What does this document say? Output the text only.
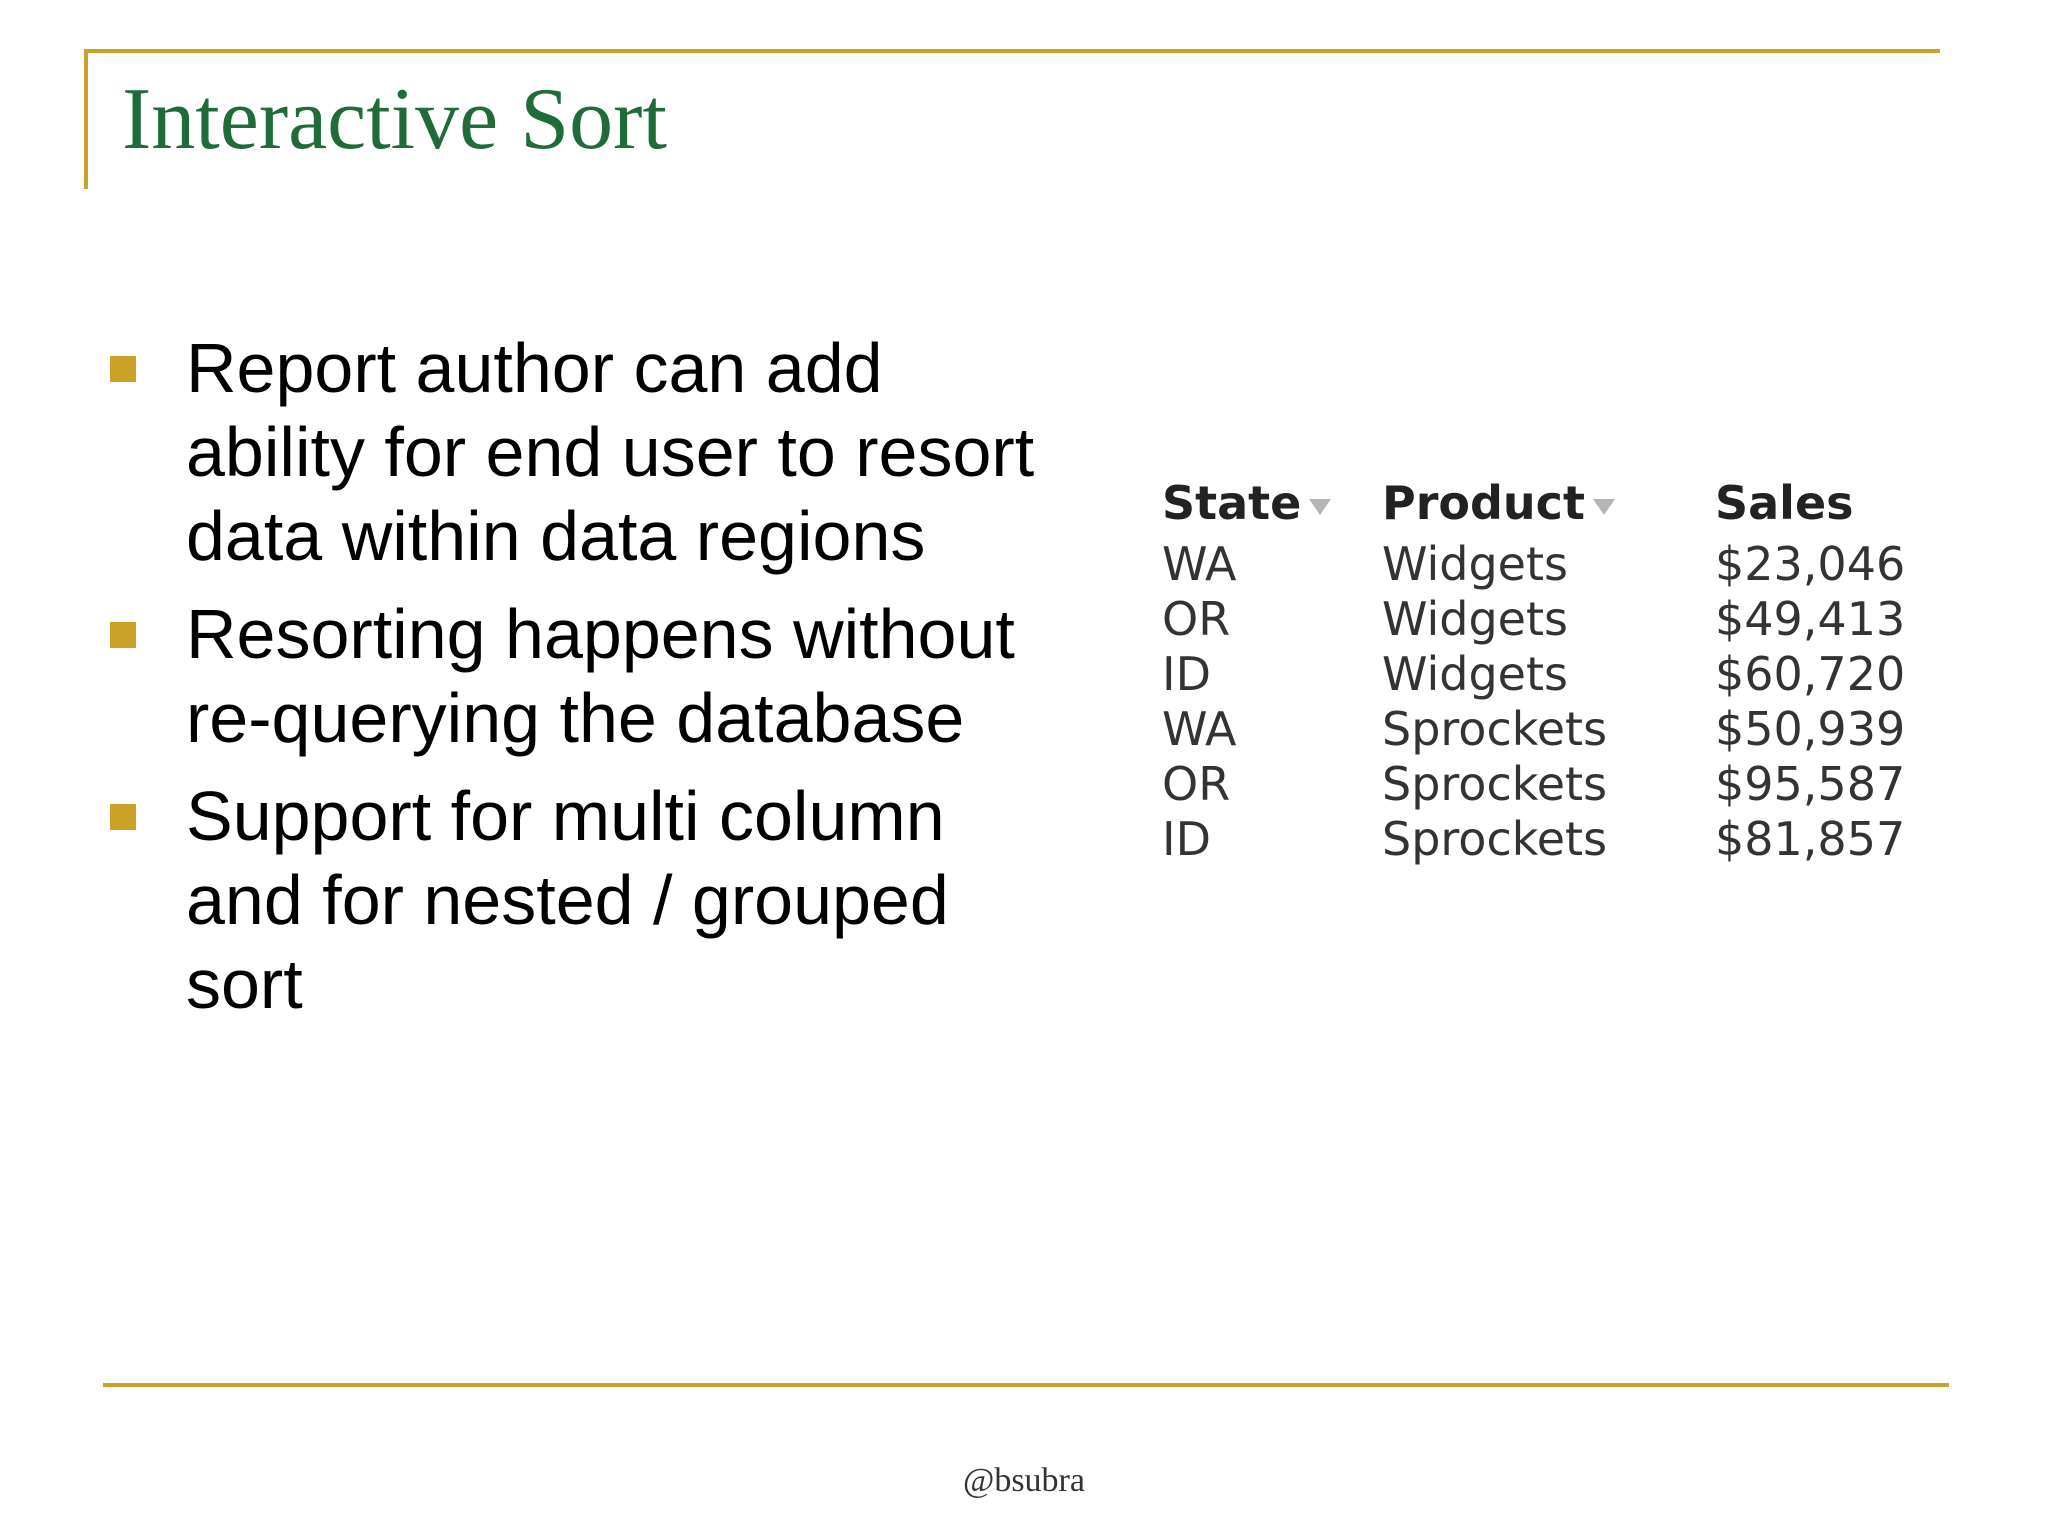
Interactive Sort
Report author can add ability for end user to resort data within data regions
Resorting happens without re-querying the database
Support for multi column and for nested / grouped sort
State	Product	Sales
WA	Widgets	$23,046
OR	Widgets	$49,413
ID	Widgets	$60,720
WA	Sprockets	$50,939
OR	Sprockets	$95,587
ID	Sprockets	$81,857
@bsubra
